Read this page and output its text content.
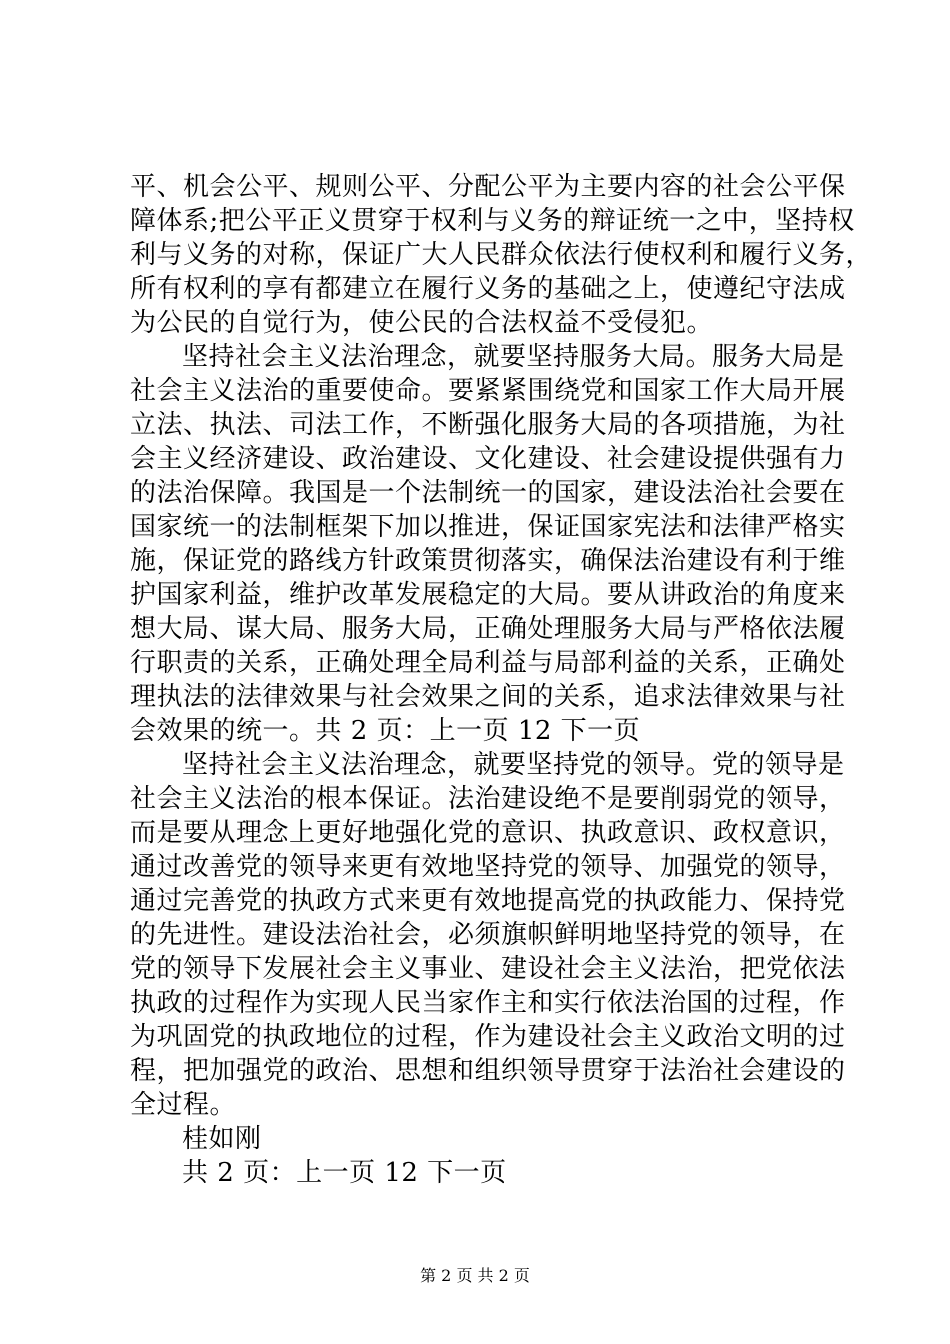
平、机会公平、规则公平、分配公平为主要内容的社会公平保
障体系;把公平正义贯穿于权利与义务的辩证统一之中，坚持权
利与义务的对称，保证广大人民群众依法行使权利和履行义务，
所有权利的享有都建立在履行义务的基础之上，使遵纪守法成
为公民的自觉行为，使公民的合法权益不受侵犯。
坚持社会主义法治理念，就要坚持服务大局。服务大局是
社会主义法治的重要使命。要紧紧围绕党和国家工作大局开展
立法、执法、司法工作，不断强化服务大局的各项措施，为社
会主义经济建设、政治建设、文化建设、社会建设提供强有力
的法治保障。我国是一个法制统一的国家，建设法治社会要在
国家统一的法制框架下加以推进，保证国家宪法和法律严格实
施，保证党的路线方针政策贯彻落实，确保法治建设有利于维
护国家利益，维护改革发展稳定的大局。要从讲政治的角度来
想大局、谋大局、服务大局，正确处理服务大局与严格依法履
行职责的关系，正确处理全局利益与局部利益的关系，正确处
理执法的法律效果与社会效果之间的关系，追求法律效果与社
会效果的统一。共 2 页：上一页 12 下一页
坚持社会主义法治理念，就要坚持党的领导。党的领导是
社会主义法治的根本保证。法治建设绝不是要削弱党的领导，
而是要从理念上更好地强化党的意识、执政意识、政权意识，
通过改善党的领导来更有效地坚持党的领导、加强党的领导，
通过完善党的执政方式来更有效地提高党的执政能力、保持党
的先进性。建设法治社会，必须旗帜鲜明地坚持党的领导，在
党的领导下发展社会主义事业、建设社会主义法治，把党依法
执政的过程作为实现人民当家作主和实行依法治国的过程，作
为巩固党的执政地位的过程，作为建设社会主义政治文明的过
程，把加强党的政治、思想和组织领导贯穿于法治社会建设的
全过程。
桂如刚
共 2 页：上一页 12 下一页
第 2 页 共 2 页
